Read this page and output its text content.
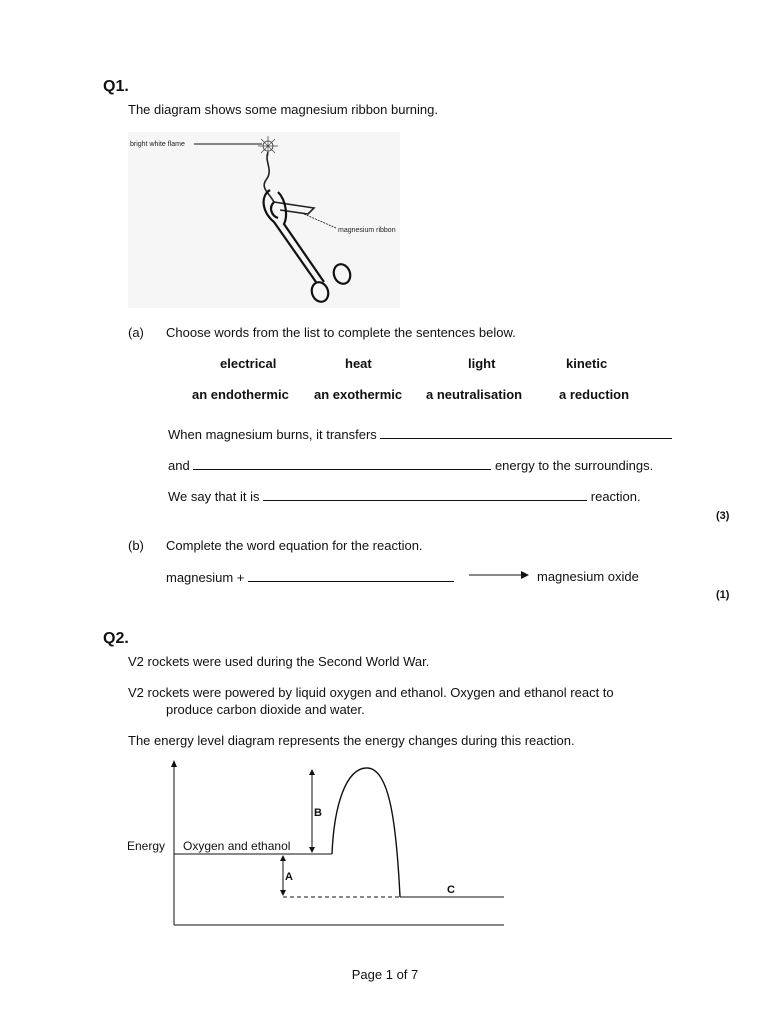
Q1.
The diagram shows some magnesium ribbon burning.
bright white flame
magnesium ribbon
(a) Choose words from the list to complete the sentences below.
electrical	heat	light	kinetic
an endothermic an exothermic a neutralisation	a reduction
When magnesium burns, it transfers
and	energy to the surroundings.
We say that it is	reaction.
(3)
(b) Complete the word equation for the reaction.
magnesium +	magnesium oxide
(1)
Q2.
V2 rockets were used during the Second World War.
V2 rockets were powered by liquid oxygen and ethanol. Oxygen and ethanol react to
produce carbon dioxide and water.
The energy level diagram represents the energy changes during this reaction.
Energy Oxygen and ethanol
A
B
C
Page 1 of 7
